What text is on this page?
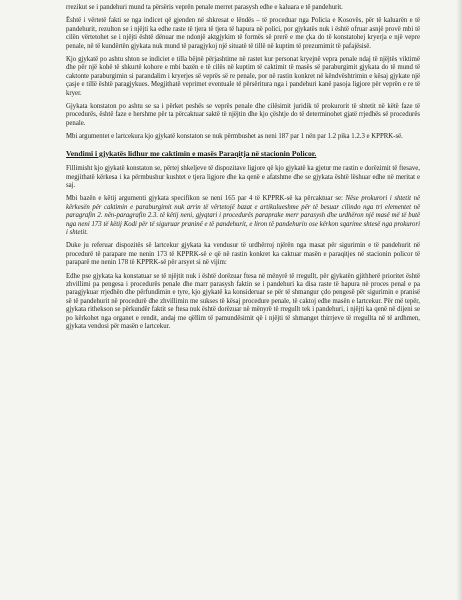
rrezikut se i pandehuri mund ta përsëris veprën penale merret parasysh edhe e kaluara e të pandehurit.

Është i vërtetë fakti se nga indicet që gjenden në shkresat e lëndës – të proceduar nga Policia e Kosovës, për të kaluarën e të pandehurit, rezulton se i njëjti ka edhe raste të tjera të tjera të hapura në polici, por gjykatës nuk i është ofruar asnjë provë mbi të cilën vërtetohet se i njëjti është dënuar me ndonjë aktgjykim të formës së prerë e me çka do të konstatohej kryerja e një vepre penale, në të kundërtën gjykata nuk mund të paragjykoj një situatë të tillë në kuptim të prezumimit të pafajësisë.

Kjo gjykatë po ashtu shton se indiciet e tilla bëjnë përjashtime në rastet kur personat kryejnë vepra penale ndaj të njëjtës viktimë dhe për një kohë të shkurtë kohore e mbi bazën e të cilës në kuptim të caktimit të masës së paraburgimit gjykata do të mund të caktonte paraburgimin si parandalim i kryerjes së veprës së re penale, por në rastin konkret në këndvështrimin e kësaj gjykate një çasje e tillë është paragjykues. Megjithatë veprimet eventuale të përsëritura nga i pandehuri kanë pasoja ligjore për veprën e re të kryer.

Gjykata konstaton po ashtu se sa i përket peshës se veprës penale dhe cilësimit juridik të prokurorit të shtetit në këtë faze të procedurës, është faze e hershme për ta përcaktuar saktë të njëjtin dhe kjo çështje do të determinohet gjatë rrjedhës së procedurës penale.

Mbi argumentet e lartcekura kjo gjykatë konstaton se nuk përmbushet as neni 187 par 1 nën par 1.2 pika 1.2.3 e KPPRK-së.

Vendimi i gjykatës lidhur me caktimin e masës Paraqitja në stacionin Policor.

Fillimisht kjo gjykatë konstaton se, përtej shkeljeve të dispozitave ligjore që kjo gjykatë ka gjetur me rastin e dorëzimit të ftesave, megjithatë kërkesa i ka përmbushur kushtet e tjera ligjore dhe ka qenë e afatshme dhe se gjykata është lëshuar edhe në meritat e saj.

Mbi bazën e këtij argumenti gjykata specifikon se neni 165 par 4 të KPPRK-së ka përcaktuar se: Nëse prokurori i shtetit në kërkesën për caktimin e paraburgimit nuk arrin të vërtetojë bazat e artikulueshme për të besuar cilindo nga tri elementet në paragrafin 2. nën-paragrafin 2.3. të këtij neni, gjyqtari i procedurës paraprake merr parasysh dhe urdhëron një masë më të butë nga neni 173 të këtij Kodi për të siguruar praninë e të pandehurit, e liron të pandehurin ose kërkon sqarime shtesë nga prokurori i shtetit.

Duke ju referuar dispozitës së lartcekur gjykata ka vendusur të urdhërroj njërën nga masat për sigurimin e të pandehurit në procedurë të parapare me nenin 173 të KPPRK-së e që në rastin konkret ka caktuar masën e paraqitjes në stacionin policor të paraparë me nenin 178 të KPPRK-së për arsyet si në vijim:

Edhe pse gjykata ka konstatuar se të njëjtit nuk i është dorëzuar ftesa në mënyrë të rregullt, për gjykatën gjithherë prioritet është zhvillimi pa pengesa i procedurës penale dhe marr parasysh faktin se i pandehuri ka disa raste të hapura në proces penal e pa paragjykuar rrjedhën dhe përfundimin e tyre, kjo gjykatë ka konsideruar se për të shmangur çdo pengesë për sigurimin e pranisë së të pandehurit në procedurë dhe zhvillimin me sukses të kësaj procedure penale, të caktoj edhe masën e lartcekur. Për më tepër, gjykata rithekson se përkundër faktit se ftesa nuk është dorëzuar në mënyrë të rregullt tek i pandehuri, i njëjti ka qenë në dijeni se po kërkohet nga organet e rendit, andaj me qëllim të pamundësimit që i njëjti të shmanget thirrjeve të rregullta në të ardhmen, gjykata vendosi për masën e lartcekur.
